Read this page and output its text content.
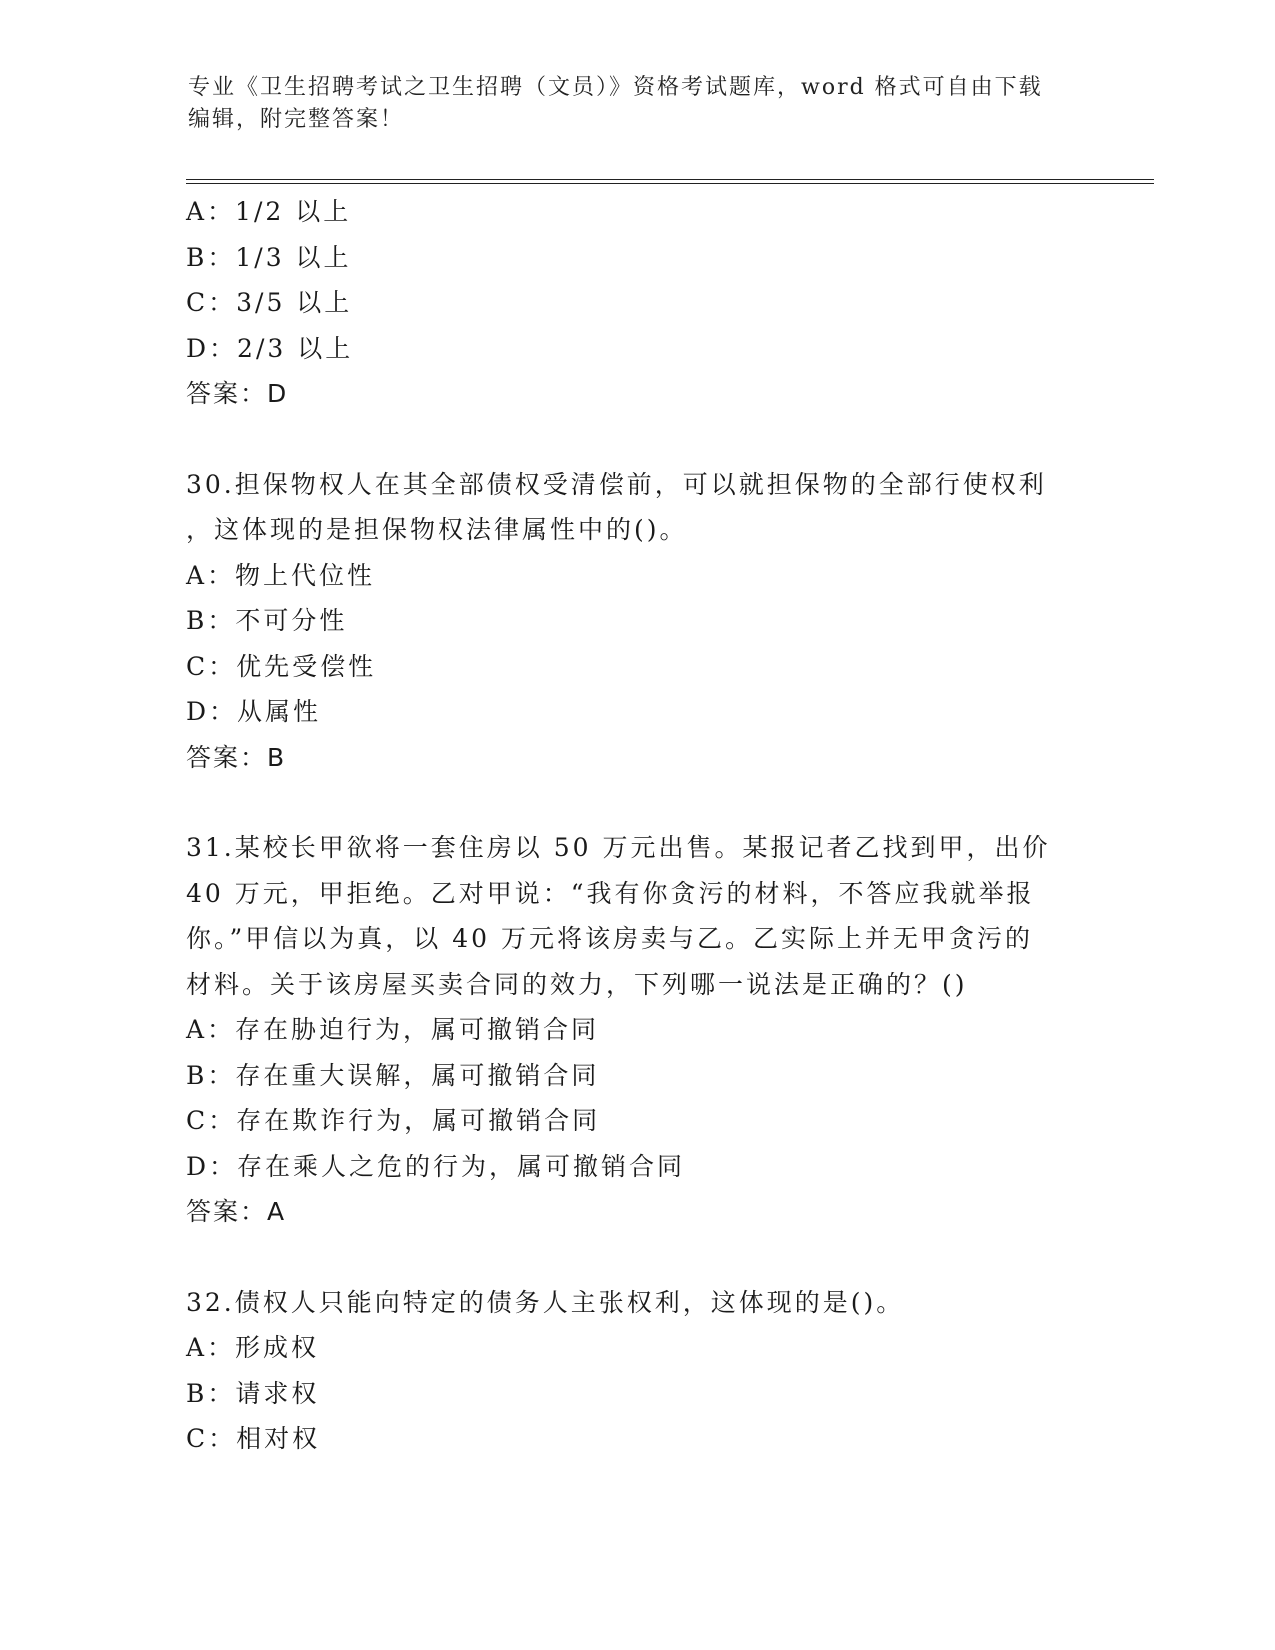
专业《卫生招聘考试之卫生招聘（文员）》资格考试题库，word 格式可自由下载
编辑，附完整答案！
A：1/2 以上
B：1/3 以上
C：3/5 以上
D：2/3 以上
答案：D
30.担保物权人在其全部债权受清偿前，可以就担保物的全部行使权利
，这体现的是担保物权法律属性中的()。
A：物上代位性
B：不可分性
C：优先受偿性
D：从属性
答案：B
31.某校长甲欲将一套住房以 50 万元出售。某报记者乙找到甲，出价
40 万元，甲拒绝。乙对甲说：“我有你贪污的材料，不答应我就举报
你。”甲信以为真，以 40 万元将该房卖与乙。乙实际上并无甲贪污的
材料。关于该房屋买卖合同的效力，下列哪一说法是正确的？()
A：存在胁迫行为，属可撤销合同
B：存在重大误解，属可撤销合同
C：存在欺诈行为，属可撤销合同
D：存在乘人之危的行为，属可撤销合同
答案：A
32.债权人只能向特定的债务人主张权利，这体现的是()。
A：形成权
B：请求权
C：相对权
